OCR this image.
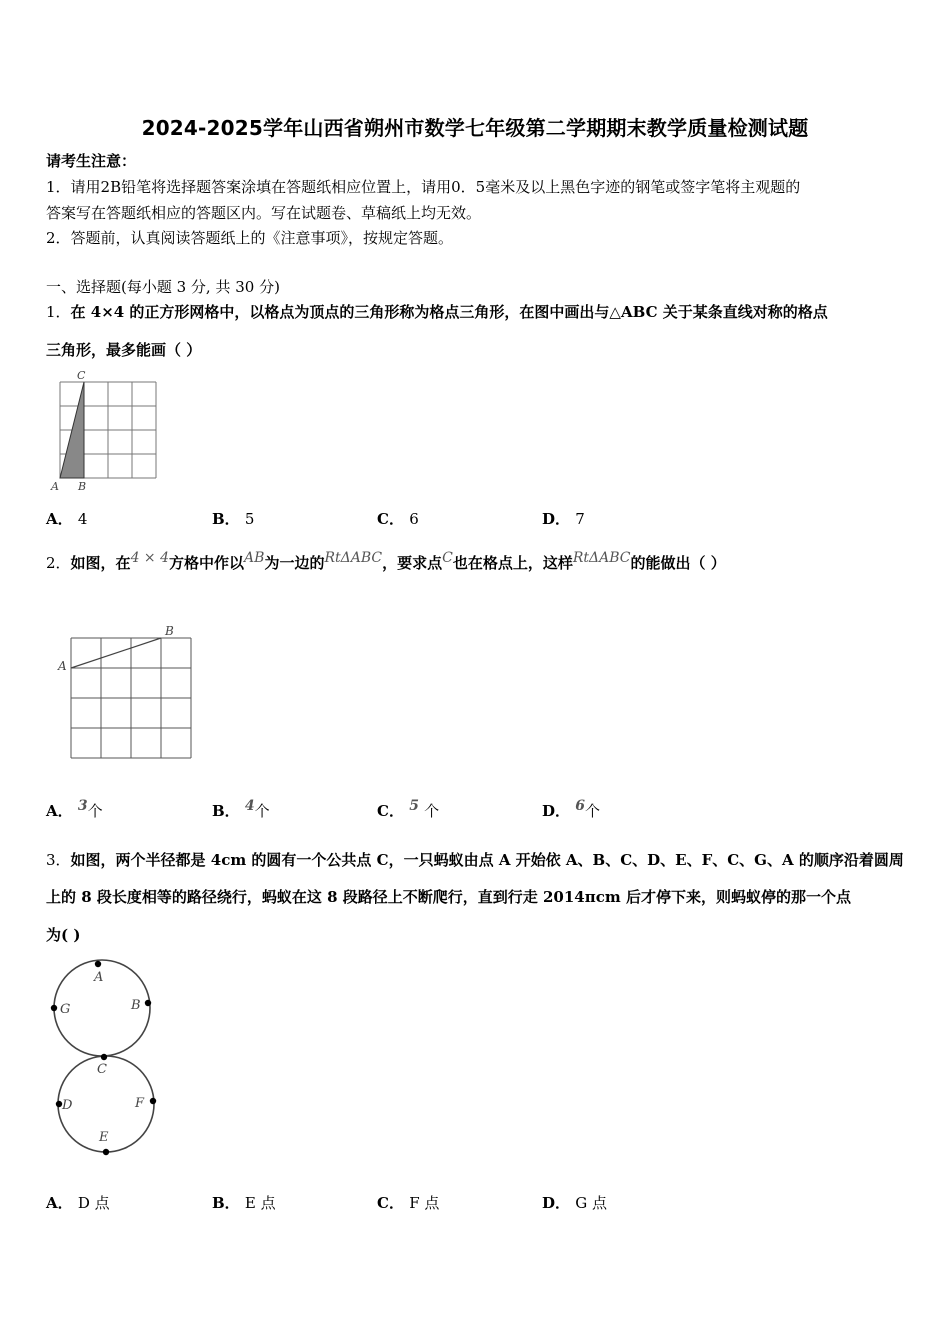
2024-2025学年山西省朔州市数学七年级第二学期期末教学质量检测试题
请考生注意：
1．请用2B铅笔将选择题答案涂填在答题纸相应位置上，请用0．5毫米及以上黑色字迹的钢笔或签字笔将主观题的
答案写在答题纸相应的答题区内。写在试题卷、草稿纸上均无效。
2．答题前，认真阅读答题纸上的《注意事项》，按规定答题。
一、选择题(每小题 3 分, 共 30 分)
1．在 4×4 的正方形网格中，以格点为顶点的三角形称为格点三角形，在图中画出与△ABC 关于某条直线对称的格点
三角形，最多能画（ ）
C
A B
A． 4	B． 5	C． 6	D． 7
2．如图，在4 × 4方格中作以AB为一边的RtΔABC，要求点C也在格点上，这样RtΔABC的能做出（ ）
A
B
A． 3个	B． 4个	C． 5 个	D． 6个
3．如图，两个半径都是 4cm 的圆有一个公共点 C，一只蚂蚁由点 A 开始依 A、B、C、D、E、F、C、G、A 的顺序沿着圆周
上的 8 段长度相等的路径绕行，蚂蚁在这 8 段路径上不断爬行，直到行走 2014πcm 后才停下来，则蚂蚁停的那一个点
为( )
A
B
C
G
D	F
E
A． D 点	B． E 点	C． F 点	D． G 点
